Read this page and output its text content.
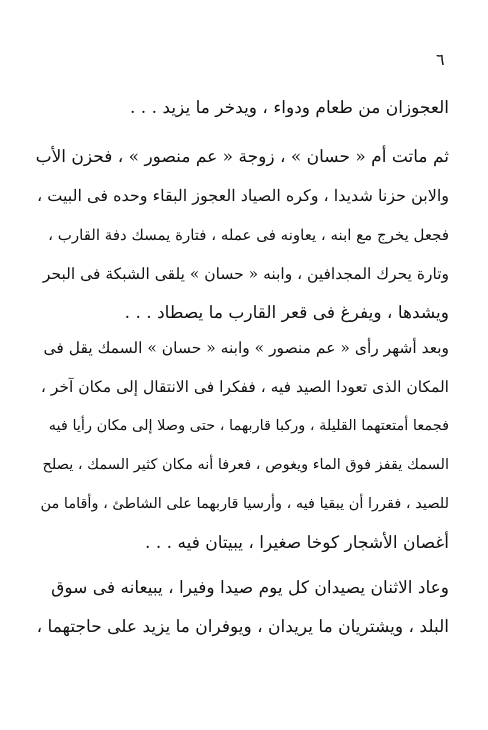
٦
العجوزان من طعام ودواء ، ويدخر ما يزيد . . .
ثم ماتت أم « حسان » ، زوجة « عم منصور » ، فحزن الأب
والابن حزنا شديدا ، وكره الصياد العجوز البقاء وحده فى البيت ،
فجعل يخرج مع ابنه ، يعاونه فى عمله ، فتارة يمسك دفة القارب ،
وتارة يحرك المجدافين ، وابنه « حسان » يلقى الشبكة فى البحر
ويشدها ، ويفرغ فى قعر القارب ما يصطاد . . .
وبعد أشهر رأى « عم منصور » وابنه « حسان » السمك يقل فى
المكان الذى تعودا الصيد فيه ، ففكرا فى الانتقال إلى مكان آخر ،
فجمعا أمتعتهما القليلة ، وركبا قاربهما ، حتى وصلا إلى مكان رأيا فيه
السمك يقفز فوق الماء ويغوص ، فعرفا أنه مكان كثير السمك ، يصلح
للصيد ، فقررا أن يبقيا فيه ، وأرسيا قاربهما على الشاطئ ، وأقاما من
أغصان الأشجار كوخا صغيرا ، يبيتان فيه . . .
وعاد الاثنان يصيدان كل يوم صيدا وفيرا ، يبيعانه فى سوق
البلد ، ويشتريان ما يريدان ، ويوفران ما يزيد على حاجتهما ،
